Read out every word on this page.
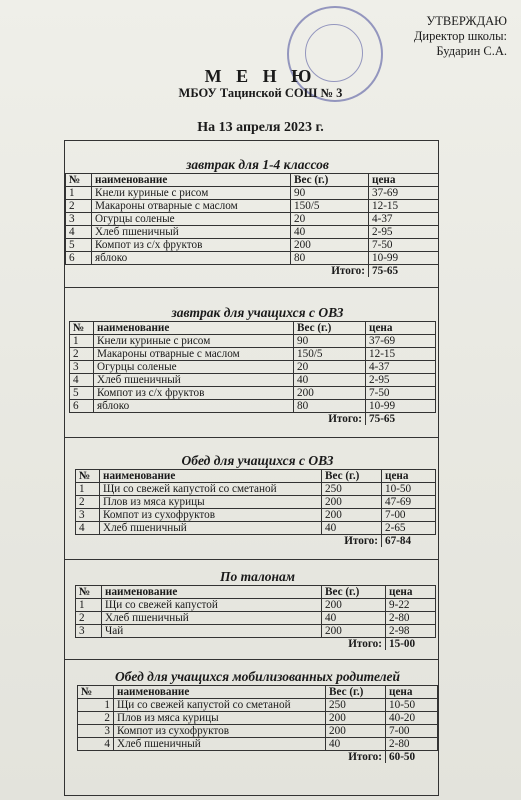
УТВЕРЖДАЮ
Директор школы:
Бударин С.А.
М Е Н Ю
МБОУ Тацинской СОШ № 3
На 13 апреля 2023 г.
завтрак для 1-4 классов
№	наименование	Вес (г.)	цена
1	Кнели куриные с рисом	90	37-69
2	Макароны отварные с маслом	150/5	12-15
3	Огурцы соленые	20	4-37
4	Хлеб пшеничный	40	2-95
5	Компот из с/х фруктов	200	7-50
6	яблоко	80	10-99
		Итого:	75-65
завтрак для учащихся с ОВЗ
№	наименование	Вес (г.)	цена
1	Кнели куриные с рисом	90	37-69
2	Макароны отварные с маслом	150/5	12-15
3	Огурцы соленые	20	4-37
4	Хлеб пшеничный	40	2-95
5	Компот из с/х фруктов	200	7-50
6	яблоко	80	10-99
		Итого:	75-65
Обед для учащихся с ОВЗ
№	наименование	Вес (г.)	цена
1	Щи со свежей капустой со сметаной	250	10-50
2	Плов из мяса курицы	200	47-69
3	Компот из сухофруктов	200	7-00
4	Хлеб пшеничный	40	2-65
		Итого:	67-84
По талонам
№	наименование	Вес (г.)	цена
1	Щи со свежей капустой	200	9-22
2	Хлеб пшеничный	40	2-80
3	Чай	200	2-98
		Итого:	15-00
Обед для учащихся мобилизованных родителей
№	наименование	Вес (г.)	цена
1	Щи со свежей капустой со сметаной	250	10-50
2	Плов из мяса курицы	200	40-20
3	Компот из сухофруктов	200	7-00
4	Хлеб пшеничный	40	2-80
		Итого:	60-50
